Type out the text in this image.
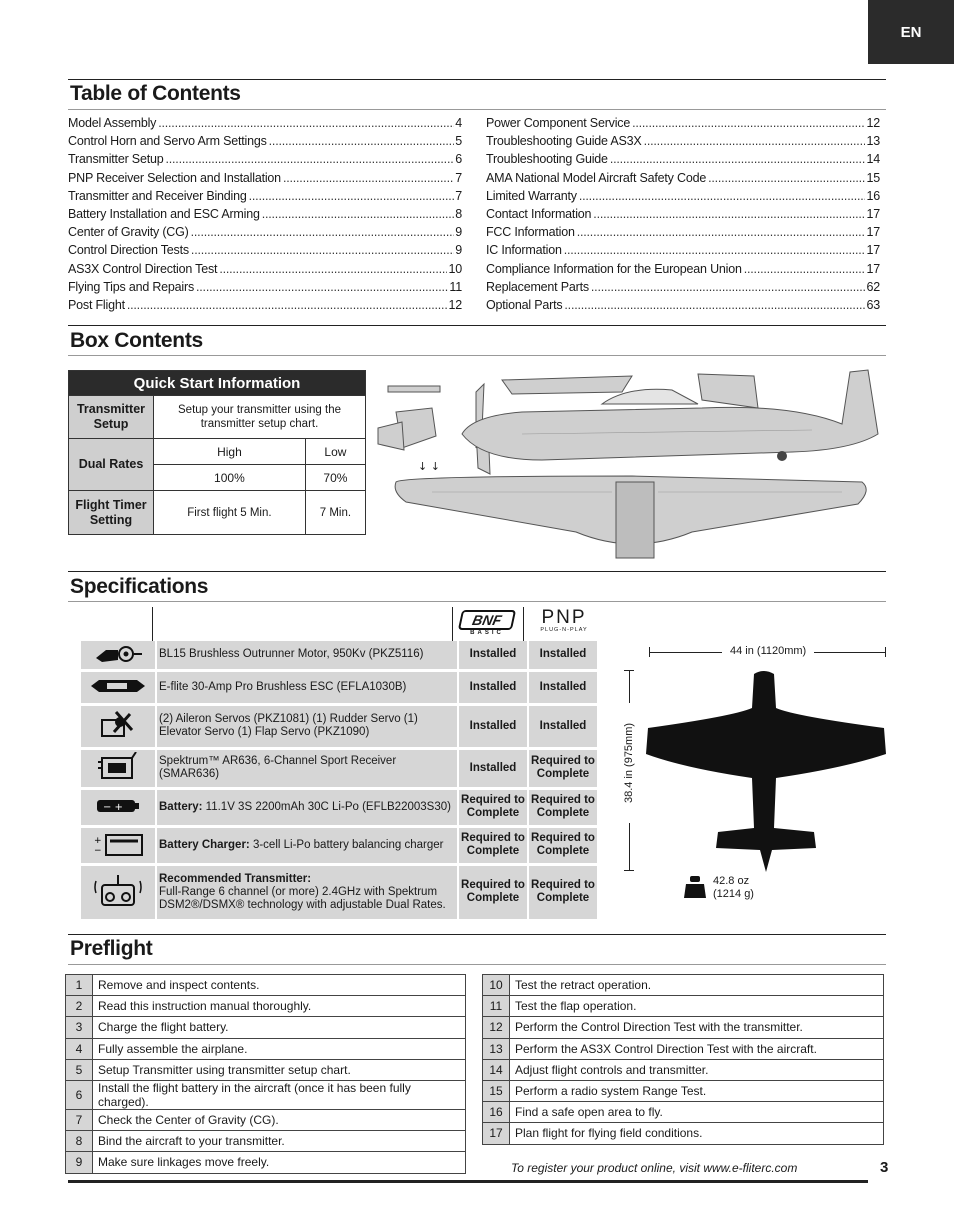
EN
Table of Contents
Model Assembly .....	4
Control Horn and Servo Arm Settings .....	5
Transmitter Setup .....	6
PNP Receiver Selection and Installation .....	7
Transmitter and Receiver Binding .....	7
Battery Installation and ESC Arming .....	8
Center of Gravity (CG) .....	9
Control Direction Tests .....	9
AS3X Control Direction Test .....	10
Flying Tips and Repairs .....	11
Post Flight .....	12
Power Component Service .....	12
Troubleshooting Guide AS3X .....	13
Troubleshooting Guide .....	14
AMA National Model Aircraft Safety Code .....	15
Limited Warranty .....	16
Contact Information .....	17
FCC Information .....	17
IC Information .....	17
Compliance Information for the European Union .....	17
Replacement Parts .....	62
Optional Parts .....	63
Box Contents
Quick Start Information		
Transmitter Setup	Setup your transmitter using the transmitter setup chart.	
Dual Rates	High	Low
	100%	70%
Flight Timer Setting	First flight 5 Min.	7 Min.
↓ ↓
Specifications
BNF
BASIC
PNP
PLUG-N-PLAY
	BL15 Brushless Outrunner Motor, 950Kv (PKZ5116)	Installed	Installed
	E-flite 30-Amp Pro Brushless ESC (EFLA1030B)	Installed	Installed
	(2) Aileron Servos (PKZ1081) (1) Rudder Servo (1) Elevator Servo (1) Flap Servo (PKZ1090)	Installed	Installed
	Spektrum™ AR636, 6-Channel Sport Receiver (SMAR636)	Installed	Required to Complete

− +	Battery: 11.1V 3S 2200mAh 30C Li-Po (EFLB22003S30)	Required to Complete	Required to Complete

+
−	Battery Charger: 3-cell Li-Po battery balancing charger	Required to Complete	Required to Complete
	Recommended Transmitter:
Full-Range 6 channel (or more) 2.4GHz with Spektrum DSM2®/DSMX® technology with adjustable Dual Rates.	Required to Complete	Required to Complete
44 in (1120mm)
38.4 in (975mm)
42.8 oz
(1214 g)
Preflight
1	Remove and inspect contents.
2	Read this instruction manual thoroughly.
3	Charge the flight battery.
4	Fully assemble the airplane.
5	Setup Transmitter using transmitter setup chart.
6	Install the flight battery in the aircraft (once it has been fully charged).
7	Check the Center of Gravity (CG).
8	Bind the aircraft to your transmitter.
9	Make sure linkages move freely.
10	Test the retract operation.
11	Test the flap operation.
12	Perform the Control Direction Test with the transmitter.
13	Perform the AS3X Control Direction Test with the aircraft.
14	Adjust flight controls and transmitter.
15	Perform a radio system Range Test.
16	Find a safe open area to fly.
17	Plan flight for flying field conditions.
To register your product online, visit www.e-fliterc.com	3
